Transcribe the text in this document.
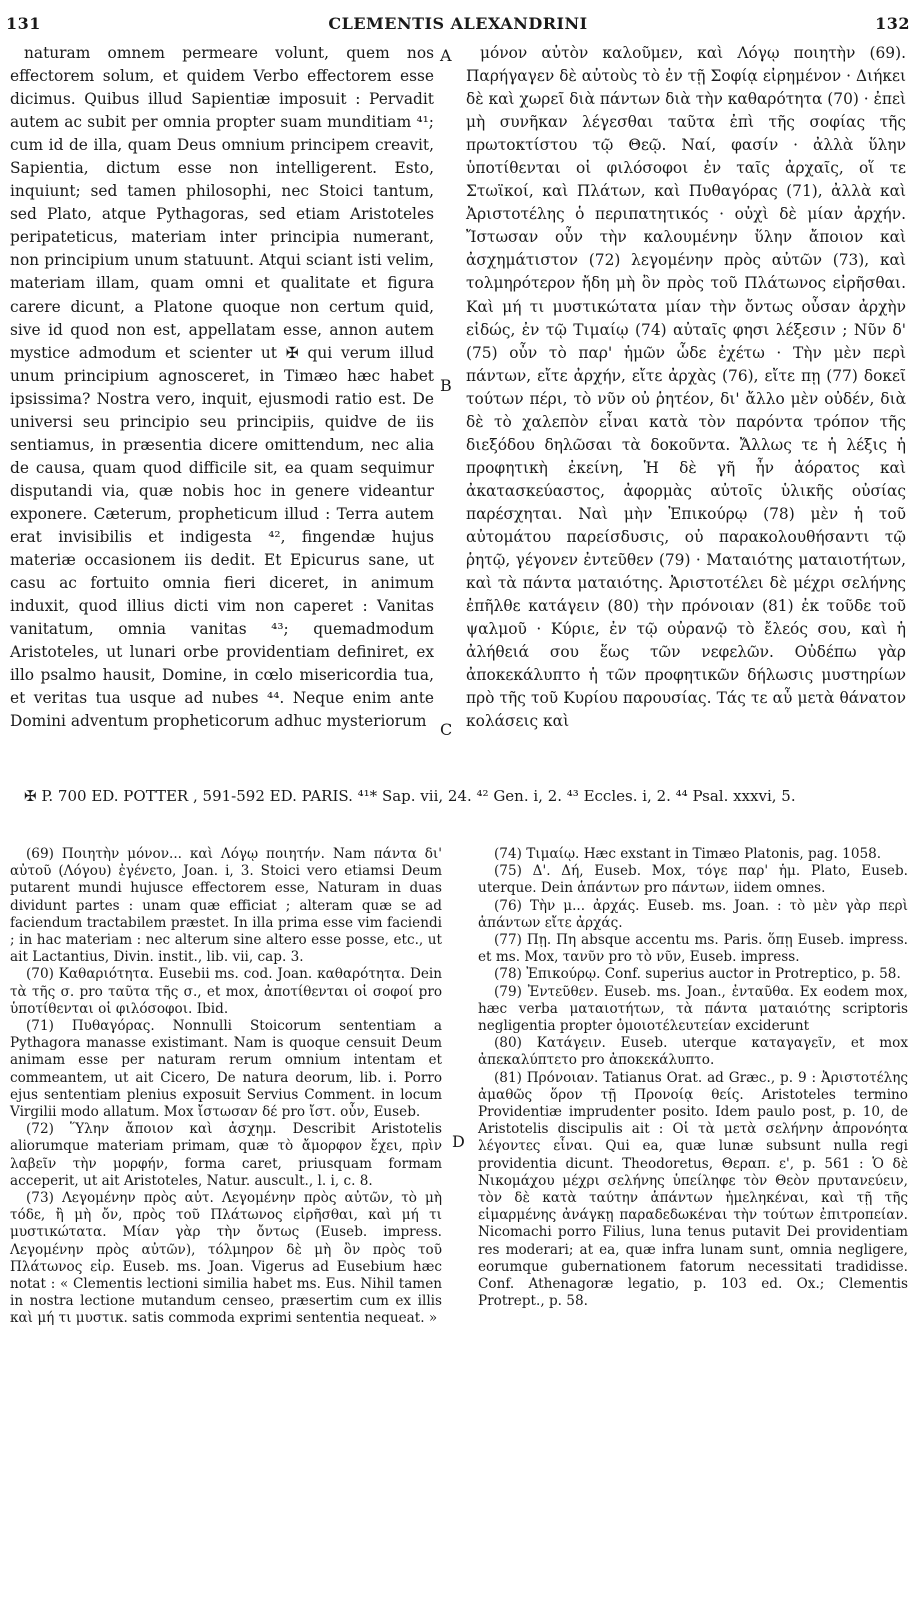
131	CLEMENTIS ALEXANDRINI	132

naturam omnem permeare volunt, quem nos effectorem solum, et quidem Verbo effectorem esse dicimus. Quibus illud Sapientiæ imposuit : Pervadit autem ac subit per omnia propter suam munditiam ⁴¹; cum id de illa, quam Deus omnium principem creavit, Sapientia, dictum esse non intelligerent. Esto, inquiunt; sed tamen philosophi, nec Stoici tantum, sed Plato, atque Pythagoras, sed etiam Aristoteles peripateticus, materiam inter principia numerant, non principium unum statuunt. Atqui sciant isti velim, materiam illam, quam omni et qualitate et figura carere dicunt, a Platone quoque non certum quid, sive id quod non est, appellatam esse, annon autem mystice admodum et scienter ut ✠ qui verum illud unum principium agnosceret, in Timæo hæc habet ipsissima? Nostra vero, inquit, ejusmodi ratio est. De universi seu principio seu principiis, quidve de iis sentiamus, in præsentia dicere omittendum, nec alia de causa, quam quod difficile sit, ea quam sequimur disputandi via, quæ nobis hoc in genere videantur exponere. Cæterum, propheticum illud : Terra autem erat invisibilis et indigesta ⁴², fingendæ hujus materiæ occasionem iis dedit. Et Epicurus sane, ut casu ac fortuito omnia fieri diceret, in animum induxit, quod illius dicti vim non caperet : Vanitas vanitatum, omnia vanitas ⁴³; quemadmodum Aristoteles, ut lunari orbe providentiam definiret, ex illo psalmo hausit, Domine, in cœlo misericordia tua, et veritas tua usque ad nubes ⁴⁴. Neque enim ante Domini adventum propheticorum adhuc mysteriorum

A
B
C
D

μόνον αὐτὸν καλοῦμεν, καὶ Λόγῳ ποιητὴν (69). Παρήγαγεν δὲ αὐτοὺς τὸ ἐν τῇ Σοφίᾳ εἰρημένον · Διήκει δὲ καὶ χωρεῖ διὰ πάντων διὰ τὴν καθαρότητα (70) · ἐπεὶ μὴ συνῆκαν λέγεσθαι ταῦτα ἐπὶ τῆς σοφίας τῆς πρωτοκτίστου τῷ Θεῷ. Ναί, φασίν · ἀλλὰ ὕλην ὑποτίθενται οἱ φιλόσοφοι ἐν ταῖς ἀρχαῖς, οἵ τε Στωϊκοί, καὶ Πλάτων, καὶ Πυθαγόρας (71), ἀλλὰ καὶ Ἀριστοτέλης ὁ περιπατητικός · οὐχὶ δὲ μίαν ἀρχήν. Ἴστωσαν οὖν τὴν καλουμένην ὕλην ἄποιον καὶ ἀσχημάτιστον (72) λεγομένην πρὸς αὐτῶν (73), καὶ τολμηρότερον ἤδη μὴ ὂν πρὸς τοῦ Πλάτωνος εἰρῆσθαι. Καὶ μή τι μυστικώτατα μίαν τὴν ὄντως οὖσαν ἀρχὴν εἰδώς, ἐν τῷ Τιμαίῳ (74) αὐταῖς φησι λέξεσιν ; Νῦν δ' (75) οὖν τὸ παρ' ἡμῶν ὧδε ἐχέτω · Τὴν μὲν περὶ πάντων, εἴτε ἀρχήν, εἴτε ἀρχὰς (76), εἴτε πῃ (77) δοκεῖ τούτων πέρι, τὸ νῦν οὐ ῥητέον, δι' ἄλλο μὲν οὐδέν, διὰ δὲ τὸ χαλεπὸν εἶναι κατὰ τὸν παρόντα τρόπον τῆς διεξόδου δηλῶσαι τὰ δοκοῦντα. Ἄλλως τε ἡ λέξις ἡ προφητικὴ ἐκείνη, Ἡ δὲ γῆ ἦν ἀόρατος καὶ ἀκατασκεύαστος, ἀφορμὰς αὐτοῖς ὑλικῆς οὐσίας παρέσχηται. Ναὶ μὴν Ἐπικούρῳ (78) μὲν ἡ τοῦ αὐτομάτου παρείσδυσις, οὐ παρακολουθήσαντι τῷ ῥητῷ, γέγονεν ἐντεῦθεν (79) · Ματαιότης ματαιοτήτων, καὶ τὰ πάντα ματαιότης. Ἀριστοτέλει δὲ μέχρι σελήνης ἐπῆλθε κατάγειν (80) τὴν πρόνοιαν (81) ἐκ τοῦδε τοῦ ψαλμοῦ · Κύριε, ἐν τῷ οὐρανῷ τὸ ἔλεός σου, καὶ ἡ ἀλήθειά σου ἕως τῶν νεφελῶν. Οὐδέπω γὰρ ἀποκεκάλυπτο ἡ τῶν προφητικῶν δήλωσις μυστηρίων πρὸ τῆς τοῦ Κυρίου παρουσίας. Τάς τε αὖ μετὰ θάνατον κολάσεις καὶ

✠ P. 700 ED. POTTER , 591-592 ED. PARIS. ⁴¹* Sap. vii, 24. ⁴² Gen. i, 2. ⁴³ Eccles. i, 2. ⁴⁴ Psal. xxxvi, 5.

(69) Ποιητὴν μόνον... καὶ Λόγῳ ποιητήν. Nam πάντα δι' αὐτοῦ (Λόγου) ἐγένετο, Joan. i, 3. Stoici vero etiamsi Deum putarent mundi hujusce effectorem esse, Naturam in duas dividunt partes : unam quæ efficiat ; alteram quæ se ad faciendum tractabilem præstet. In illa prima esse vim faciendi ; in hac materiam : nec alterum sine altero esse posse, etc., ut ait Lactantius, Divin. instit., lib. vii, cap. 3.

(70) Καθαριότητα. Eusebii ms. cod. Joan. καθαρότητα. Dein τὰ τῆς σ. pro ταῦτα τῆς σ., et mox, ἀποτίθενται οἱ σοφοί pro ὑποτίθενται οἱ φιλόσοφοι. Ibid.

(71) Πυθαγόρας. Nonnulli Stoicorum sententiam a Pythagora manasse existimant. Nam is quoque censuit Deum animam esse per naturam rerum omnium intentam et commeantem, ut ait Cicero, De natura deorum, lib. i. Porro ejus sententiam plenius exposuit Servius Comment. in locum Virgilii modo allatum. Mox ἴστωσαν δέ pro ἴστ. οὖν, Euseb.

(72) Ὕλην ἄποιον καὶ ἀσχημ. Describit Aristotelis aliorumque materiam primam, quæ τὸ ἄμορφον ἔχει, πρὶν λαβεῖν τὴν μορφήν, forma caret, priusquam formam acceperit, ut ait Aristoteles, Natur. auscult., l. i, c. 8.

(73) Λεγομένην πρὸς αὐτ. Λεγομένην πρὸς αὐτῶν, τὸ μὴ τόδε, ἢ μὴ ὄν, πρὸς τοῦ Πλάτωνος εἰρῆσθαι, καὶ μή τι μυστικώτατα. Μίαν γὰρ τὴν ὄντως (Euseb. impress. Λεγομένην πρὸς αὐτῶν), τόλμηρον δὲ μὴ ὂν πρὸς τοῦ Πλάτωνος εἰρ. Euseb. ms. Joan. Vigerus ad Eusebium hæc notat : « Clementis lectioni similia habet ms. Eus. Nihil tamen in nostra lectione mutandum censeo, præsertim cum ex illis καὶ μή τι μυστικ. satis commoda exprimi sententia nequeat. »

(74) Τιμαίῳ. Hæc exstant in Timæo Platonis, pag. 1058.

(75) Δ'. Δή, Euseb. Mox, τόγε παρ' ἡμ. Plato, Euseb. uterque. Dein ἁπάντων pro πάντων, iidem omnes.

(76) Τὴν μ... ἀρχάς. Euseb. ms. Joan. : τὸ μὲν γὰρ περὶ ἁπάντων εἴτε ἀρχάς.

(77) Πῃ. Πη absque accentu ms. Paris. ὅπῃ Euseb. impress. et ms. Mox, τανῦν pro τὸ νῦν, Euseb. impress.

(78) Ἐπικούρῳ. Conf. superius auctor in Protreptico, p. 58.

(79) Ἐντεῦθεν. Euseb. ms. Joan., ἐνταῦθα. Ex eodem mox, hæc verba ματαιοτήτων, τὰ πάντα ματαιότης scriptoris negligentia propter ὁμοιοτέλευτείαν exciderunt

(80) Κατάγειν. Euseb. uterque καταγαγεῖν, et mox ἀπεκαλύπτετο pro ἀποκεκάλυπτο.

(81) Πρόνοιαν. Tatianus Orat. ad Græc., p. 9 : Ἀριστοτέλης ἀμαθῶς ὅρον τῇ Προνοίᾳ θείς. Aristoteles termino Providentiæ imprudenter posito. Idem paulo post, p. 10, de Aristotelis discipulis ait : Οἱ τὰ μετὰ σελήνην ἀπρονόητα λέγοντες εἶναι. Qui ea, quæ lunæ subsunt nulla regi providentia dicunt. Theodoretus, Θεραπ. ε', p. 561 : Ὁ δὲ Νικομάχου μέχρι σελήνης ὑπείληφε τὸν Θεὸν πρυτανεύειν, τὸν δὲ κατὰ ταύτην ἁπάντων ἠμεληκέναι, καὶ τῇ τῆς εἱμαρμένης ἀνάγκῃ παραδεδωκέναι τὴν τούτων ἐπιτροπείαν. Nicomachi porro Filius, luna tenus putavit Dei providentiam res moderari; at ea, quæ infra lunam sunt, omnia negligere, eorumque gubernationem fatorum necessitati tradidisse. Conf. Athenagoræ legatio, p. 103 ed. Ox.; Clementis Protrept., p. 58.
